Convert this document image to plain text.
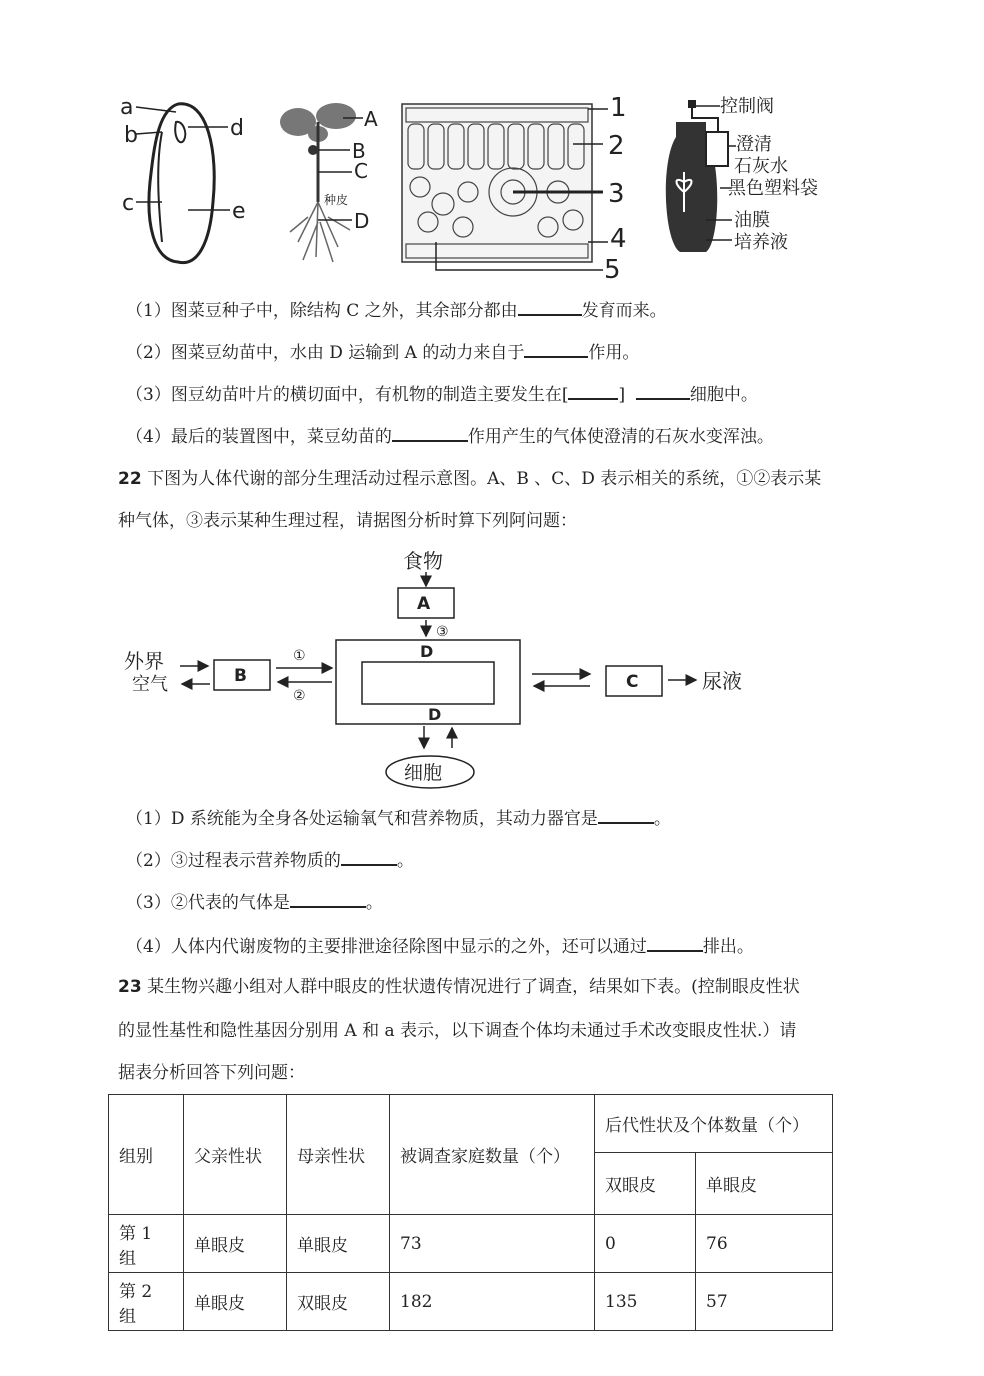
a
b
c
d
e
A
B
C
种皮
D
1
2
3
4
5
控制阀
澄清
石灰水
黑色塑料袋
油膜
培养液
（1）图菜豆种子中，除结构 C 之外，其余部分都由	发育而来。
（2）图菜豆幼苗中，水由 D 运输到 A 的动力来自于	作用。
（3）图豆幼苗叶片的横切面中，有机物的制造主要发生在[	]	细胞中。
（4）最后的装置图中，菜豆幼苗的	作用产生的气体使澄清的石灰水变浑浊。
22 下图为人体代谢的部分生理活动过程示意图。A、B 、C、D 表示相关的系统，①②表示某
种气体，③表示某种生理过程，请据图分析时算下列阿问题：
食物
A
③
D
D
外界
空气	B
①
②
C	尿液
细胞
（1）D 系统能为全身各处运输氧气和营养物质，其动力器官是	。
（2）③过程表示营养物质的	。
（3）②代表的气体是	。
（4）人体内代谢废物的主要排泄途径除图中显示的之外，还可以通过	排出。
23 某生物兴趣小组对人群中眼皮的性状遗传情况进行了调查，结果如下表。(控制眼皮性状
的显性基性和隐性基因分别用 A 和 a 表示，以下调查个体均未通过手术改变眼皮性状.）请
据表分析回答下列问题：
组别	父亲性状	母亲性状	被调查家庭数量（个）	后代性状及个体数量（个）	
				双眼皮	单眼皮
第 1 组	单眼皮	单眼皮	73	0	76
第 2 组	单眼皮	双眼皮	182	135	57
